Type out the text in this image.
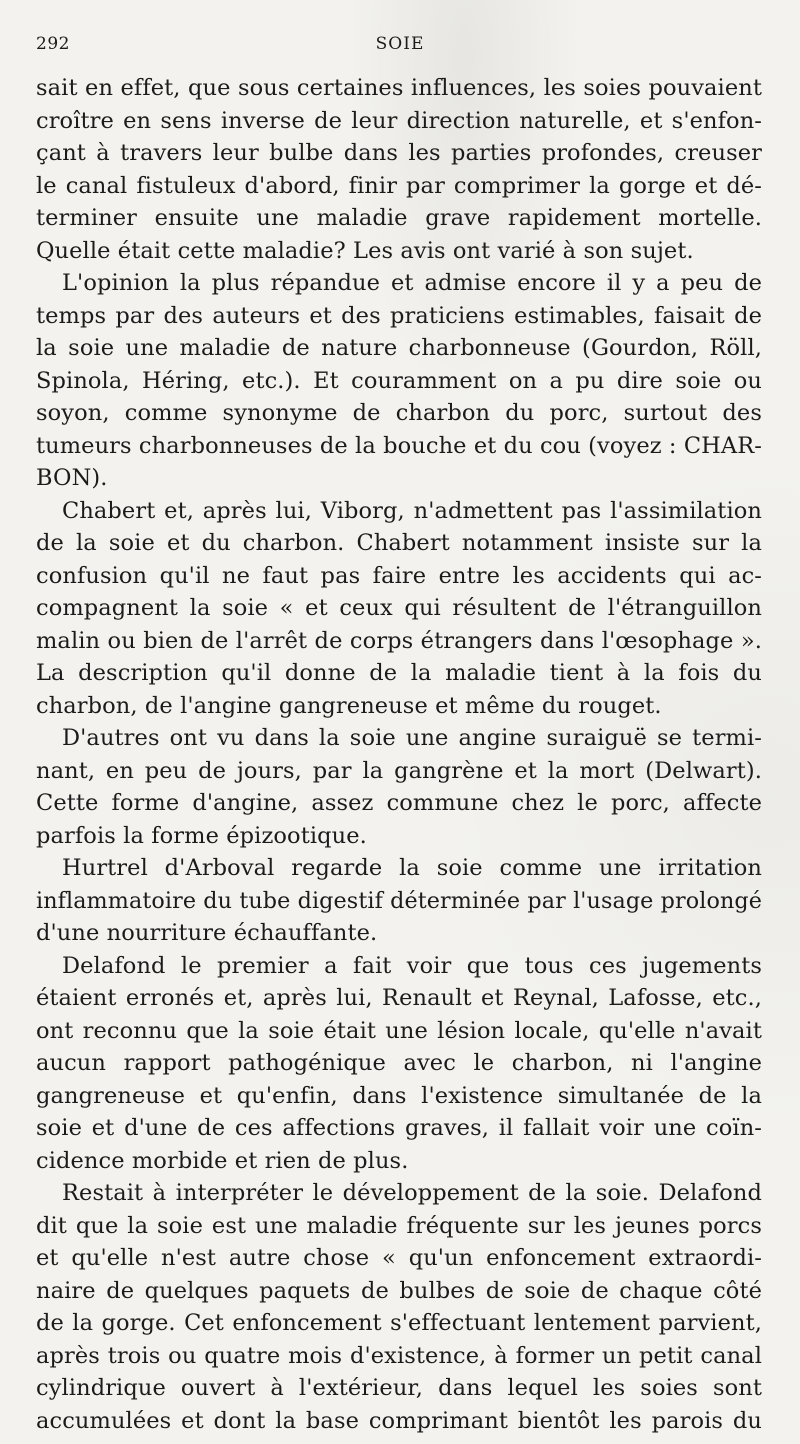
292	SOIE
sait en effet, que sous certaines influences, les soies pouvaient
croître en sens inverse de leur direction naturelle, et s'enfon-
çant à travers leur bulbe dans les parties profondes, creuser
le canal fistuleux d'abord, finir par comprimer la gorge et dé-
terminer ensuite une maladie grave rapidement mortelle.
Quelle était cette maladie? Les avis ont varié à son sujet.
L'opinion la plus répandue et admise encore il y a peu de
temps par des auteurs et des praticiens estimables, faisait de
la soie une maladie de nature charbonneuse (Gourdon, Röll,
Spinola, Héring, etc.). Et couramment on a pu dire soie ou
soyon, comme synonyme de charbon du porc, surtout des
tumeurs charbonneuses de la bouche et du cou (voyez : CHAR-
BON).
Chabert et, après lui, Viborg, n'admettent pas l'assimilation
de la soie et du charbon. Chabert notamment insiste sur la
confusion qu'il ne faut pas faire entre les accidents qui ac-
compagnent la soie « et ceux qui résultent de l'étranguillon
malin ou bien de l'arrêt de corps étrangers dans l'œsophage ».
La description qu'il donne de la maladie tient à la fois du
charbon, de l'angine gangreneuse et même du rouget.
D'autres ont vu dans la soie une angine suraiguë se termi-
nant, en peu de jours, par la gangrène et la mort (Delwart).
Cette forme d'angine, assez commune chez le porc, affecte
parfois la forme épizootique.
Hurtrel d'Arboval regarde la soie comme une irritation
inflammatoire du tube digestif déterminée par l'usage prolongé
d'une nourriture échauffante.
Delafond le premier a fait voir que tous ces jugements
étaient erronés et, après lui, Renault et Reynal, Lafosse, etc.,
ont reconnu que la soie était une lésion locale, qu'elle n'avait
aucun rapport pathogénique avec le charbon, ni l'angine
gangreneuse et qu'enfin, dans l'existence simultanée de la
soie et d'une de ces affections graves, il fallait voir une coïn-
cidence morbide et rien de plus.
Restait à interpréter le développement de la soie. Delafond
dit que la soie est une maladie fréquente sur les jeunes porcs
et qu'elle n'est autre chose « qu'un enfoncement extraordi-
naire de quelques paquets de bulbes de soie de chaque côté
de la gorge. Cet enfoncement s'effectuant lentement parvient,
après trois ou quatre mois d'existence, à former un petit canal
cylindrique ouvert à l'extérieur, dans lequel les soies sont
accumulées et dont la base comprimant bientôt les parois du
